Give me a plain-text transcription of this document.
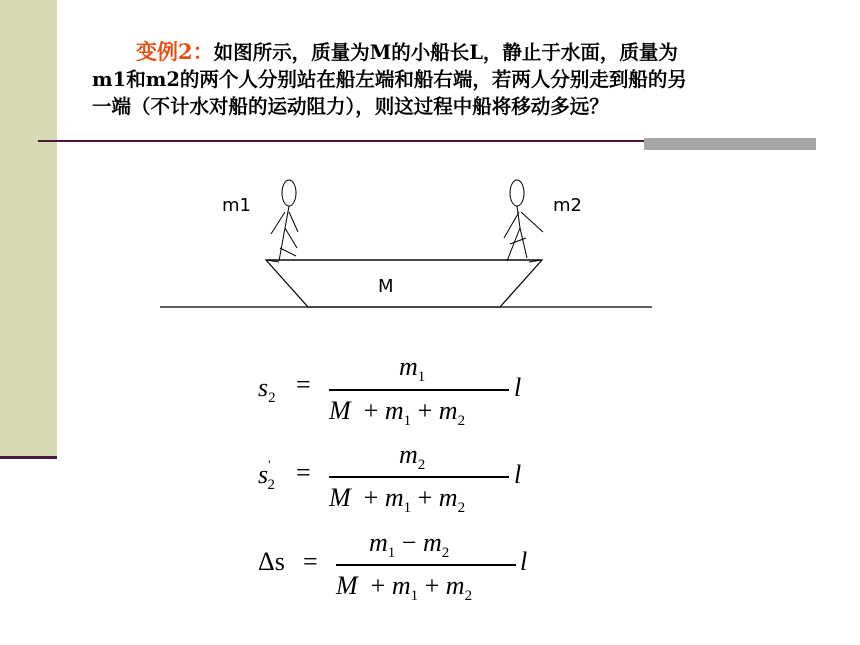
变例2：如图所示，质量为M的小船长L，静止于水面，质量为
m1和m2的两个人分别站在船左端和船右端，若两人分别走到船的另
一端（不计水对船的运动阻力），则这过程中船将移动多远？
m1	m2
M
$s_2$ =
$m_1$
$M + m_1 + m_2$
l
$s'_2$ =
$m_2$
$M + m_1 + m_2$
l
Δs =
$m_1 - m_2$
$M + m_1 + m_2$
l
